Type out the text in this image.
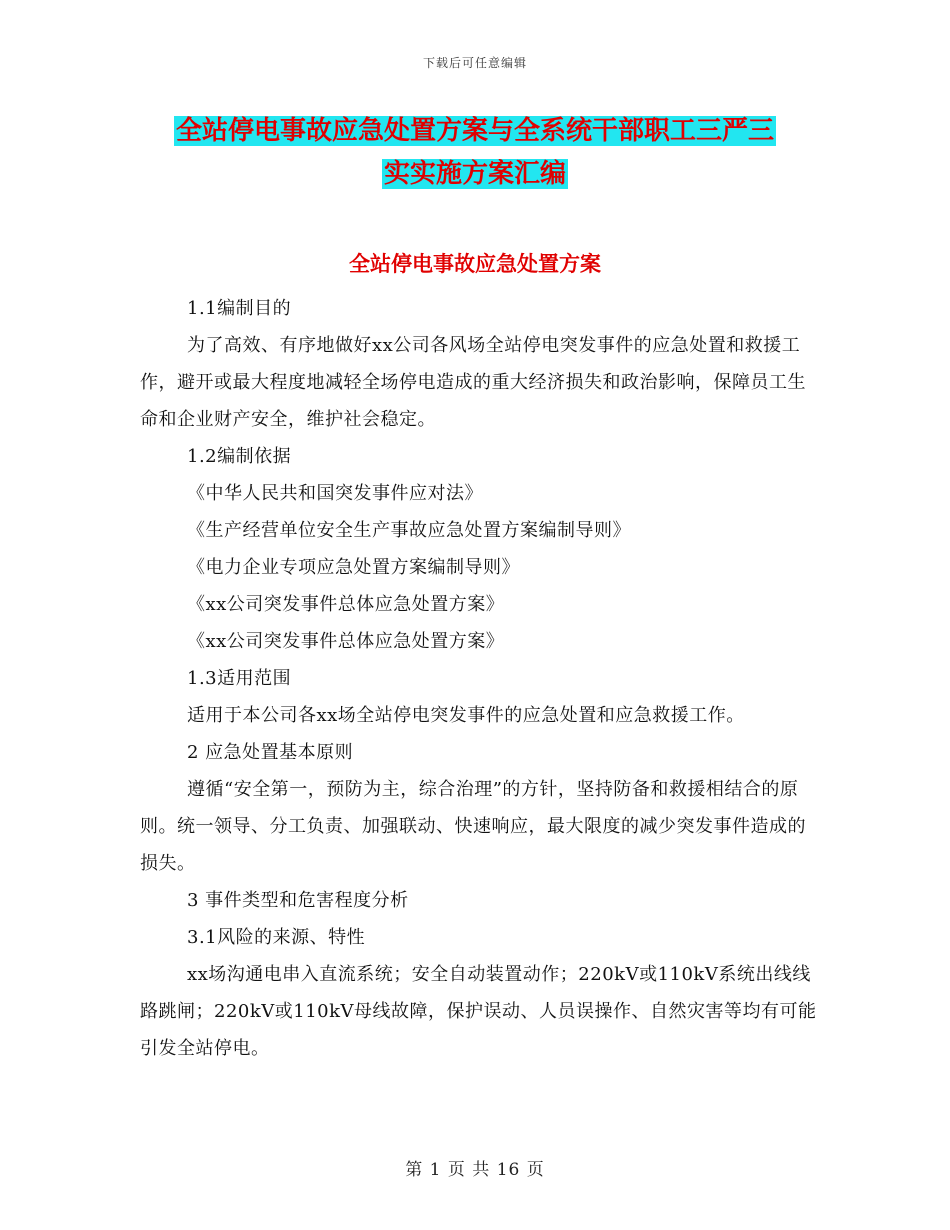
下载后可任意编辑
全站停电事故应急处置方案与全系统干部职工三严三
实实施方案汇编
全站停电事故应急处置方案

1.1编制目的

为了高效、有序地做好xx公司各风场全站停电突发事件的应急处置和救援工作，避开或最大程度地减轻全场停电造成的重大经济损失和政治影响，保障员工生命和企业财产安全，维护社会稳定。

1.2编制依据

《中华人民共和国突发事件应对法》

《生产经营单位安全生产事故应急处置方案编制导则》

《电力企业专项应急处置方案编制导则》

《xx公司突发事件总体应急处置方案》

《xx公司突发事件总体应急处置方案》

1.3适用范围

适用于本公司各xx场全站停电突发事件的应急处置和应急救援工作。

2 应急处置基本原则

遵循“安全第一，预防为主，综合治理”的方针，坚持防备和救援相结合的原则。统一领导、分工负责、加强联动、快速响应，最大限度的减少突发事件造成的损失。

3 事件类型和危害程度分析

3.1风险的来源、特性

xx场沟通电串入直流系统；安全自动装置动作；220kV或110kV系统出线线路跳闸；220kV或110kV母线故障，保护误动、人员误操作、自然灾害等均有可能引发全站停电。

第 1 页 共 16 页
